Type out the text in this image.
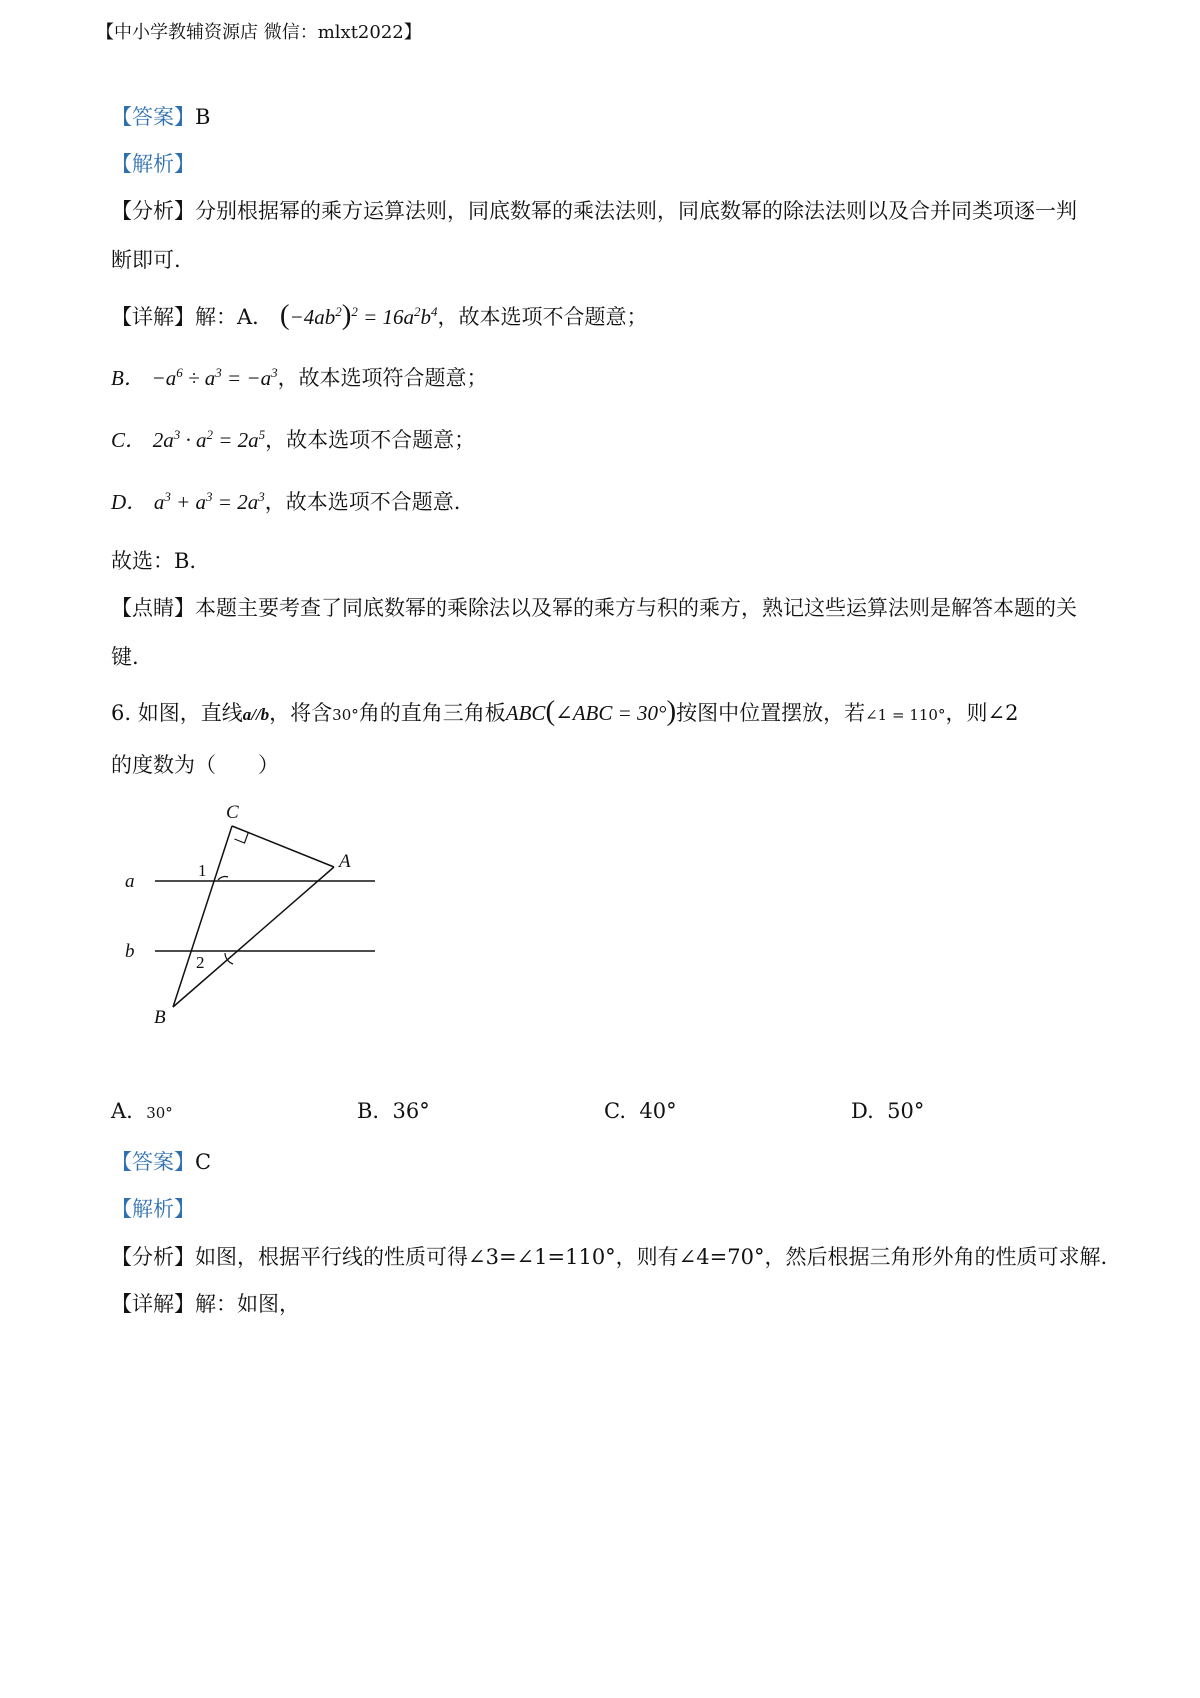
【中小学教辅资源店 微信：mlxt2022】
【答案】B
【解析】
【分析】分别根据幂的乘方运算法则，同底数幂的乘法法则，同底数幂的除法法则以及合并同类项逐一判
断即可.
【详解】解：A． $(-4ab^2)^2 = 16a^2b^4$，故本选项不合题意；
B． $-a^6 \div a^3 = -a^3$，故本选项符合题意；
C． $2a^3 \cdot a^2 = 2a^5$，故本选项不合题意；
D． $a^3 + a^3 = 2a^3$，故本选项不合题意.
故选：B.
【点睛】本题主要考查了同底数幂的乘除法以及幂的乘方与积的乘方，熟记这些运算法则是解答本题的关
键.
6. 如图，直线a//b，将含30°角的直角三角板ABC(∠ABC = 30°)按图中位置摆放，若∠1 = 110°，则∠2
的度数为（　　）
C
A
a
1
b
2
B
A. 30°	B. 36°	C. 40°	D. 50°
【答案】C
【解析】
【分析】如图，根据平行线的性质可得∠3=∠1=110°，则有∠4=70°，然后根据三角形外角的性质可求解.
【详解】解：如图，
